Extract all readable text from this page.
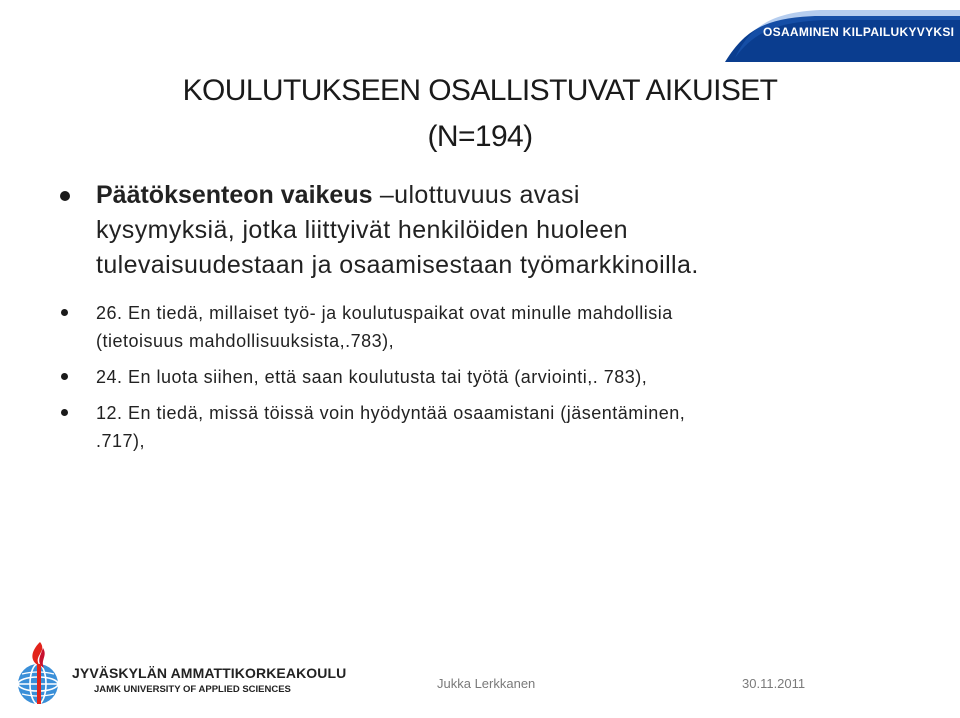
OSAAMINEN KILPAILUKYVYKSI
KOULUTUKSEEN OSALLISTUVAT AIKUISET
(N=194)
Päätöksenteon vaikeus –ulottuvuus avasi
kysymyksiä, jotka liittyivät henkilöiden huoleen
tulevaisuudestaan ja osaamisestaan työmarkkinoilla.
26. En tiedä, millaiset työ- ja koulutuspaikat ovat minulle mahdollisia
(tietoisuus mahdollisuuksista,.783),
24. En luota siihen, että saan koulutusta tai työtä (arviointi,. 783),
12. En tiedä, missä töissä voin hyödyntää osaamistani (jäsentäminen,
.717),
JYVÄSKYLÄN AMMATTIKORKEAKOULU
JAMK UNIVERSITY OF APPLIED SCIENCES	Jukka Lerkkanen	30.11.2011
